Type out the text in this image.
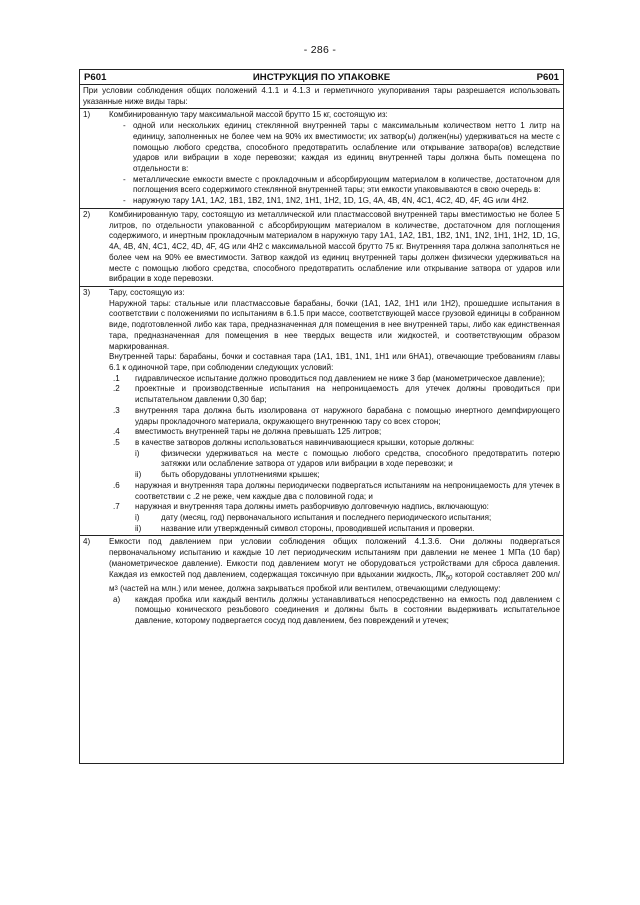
- 286 -
P601	ИНСТРУКЦИЯ ПО УПАКОВКЕ	P601

При условии соблюдения общих положений 4.1.1 и 4.1.3 и герметичного укупоривания тары разрешается использовать указанные ниже виды тары:

1)	Комбинированную тару максимальной массой брутто 15 кг, состоящую из:
- одной или нескольких единиц стеклянной внутренней тары с максимальным количеством нетто 1 литр на единицу, заполненных не более чем на 90% их вместимости; их затвор(ы) должен(ны) удерживаться на месте с помощью любого средства, способного предотвратить ослабление или открывание затвора(ов) вследствие ударов или вибрации в ходе перевозки; каждая из единиц внутренней тары должна быть помещена по отдельности в:
- металлические емкости вместе с прокладочным и абсорбирующим материалом в количестве, достаточном для поглощения всего содержимого стеклянной внутренней тары; эти емкости упаковываются в свою очередь в:
- наружную тару 1A1, 1A2, 1B1, 1B2, 1N1, 1N2, 1H1, 1H2, 1D, 1G, 4A, 4B, 4N, 4C1, 4C2, 4D, 4F, 4G или 4H2.
2)	Комбинированную тару, состоящую из металлической или пластмассовой внутренней тары вместимостью не более 5 литров, по отдельности упакованной с абсорбирующим материалом в количестве, достаточном для поглощения содержимого, и инертным прокладочным материалом в наружную тару 1A1, 1A2, 1B1, 1B2, 1N1, 1N2, 1H1, 1H2, 1D, 1G, 4A, 4B, 4N, 4C1, 4C2, 4D, 4F, 4G или 4H2 с максимальной массой брутто 75 кг. Внутренняя тара должна заполняться не более чем на 90% ее вместимости. Затвор каждой из единиц внутренней тары должен физически удерживаться на месте с помощью любого средства, способного предотвратить ослабление или открывание затвора от ударов или вибрации в ходе перевозки.
3)	Тару, состоящую из:

Наружной тары: стальные или пластмассовые барабаны, бочки (1A1, 1A2, 1H1 или 1H2), прошедшие испытания в соответствии с положениями по испытаниям в 6.1.5 при массе, соответствующей массе грузовой единицы в собранном виде, подготовленной либо как тара, предназначенная для помещения в нее внутренней тары, либо как единственная тара, предназначенная для помещения в нее твердых веществ или жидкостей, и соответствующим образом маркированная.

Внутренней тары: барабаны, бочки и составная тара (1A1, 1B1, 1N1, 1H1 или 6HA1), отвечающие требованиям главы 6.1 к одиночной таре, при соблюдении следующих условий:

.1	гидравлическое испытание должно проводиться под давлением не ниже 3 бар (манометрическое давление);
.2	проектные и производственные испытания на непроницаемость для утечек должны проводиться при испытательном давлении 0,30 бар;
.3	внутренняя тара должна быть изолирована от наружного барабана с помощью инертного демпфирующего удары прокладочного материала, окружающего внутреннюю тару со всех сторон;
.4	вместимость внутренней тары не должна превышать 125 литров;
.5	в качестве затворов должны использоваться навинчивающиеся крышки, которые должны:
i)	физически удерживаться на месте с помощью любого средства, способного предотвратить потерю затяжки или ослабление затвора от ударов или вибрации в ходе перевозки; и
ii)	быть оборудованы уплотнениями крышек;
.6	наружная и внутренняя тара должны периодически подвергаться испытаниям на непроницаемость для утечек в соответствии с .2 не реже, чем каждые два с половиной года; и
.7	наружная и внутренняя тара должны иметь разборчивую долговечную надпись, включающую:
i)	дату (месяц, год) первоначального испытания и последнего периодического испытания;
ii)	название или утвержденный символ стороны, проводившей испытания и проверки.
4)	Емкости под давлением при условии соблюдения общих положений 4.1.3.6. Они должны подвергаться первоначальному испытанию и каждые 10 лет периодическим испытаниям при давлении не менее 1 МПа (10 бар) (манометрическое давление). Емкости под давлением могут не оборудоваться устройствами для сброса давления. Каждая из емкостей под давлением, содержащая токсичную при вдыхании жидкость, $ЛК_{50}$ которой составляет 200 $мл/м^3$ (частей на млн.) или менее, должна закрываться пробкой или вентилем, отвечающими следующему:
a)	каждая пробка или каждый вентиль должны устанавливаться непосредственно на емкость под давлением с помощью конического резьбового соединения и должны быть в состоянии выдерживать испытательное давление, которому подвергается сосуд под давлением, без повреждений и утечек;
